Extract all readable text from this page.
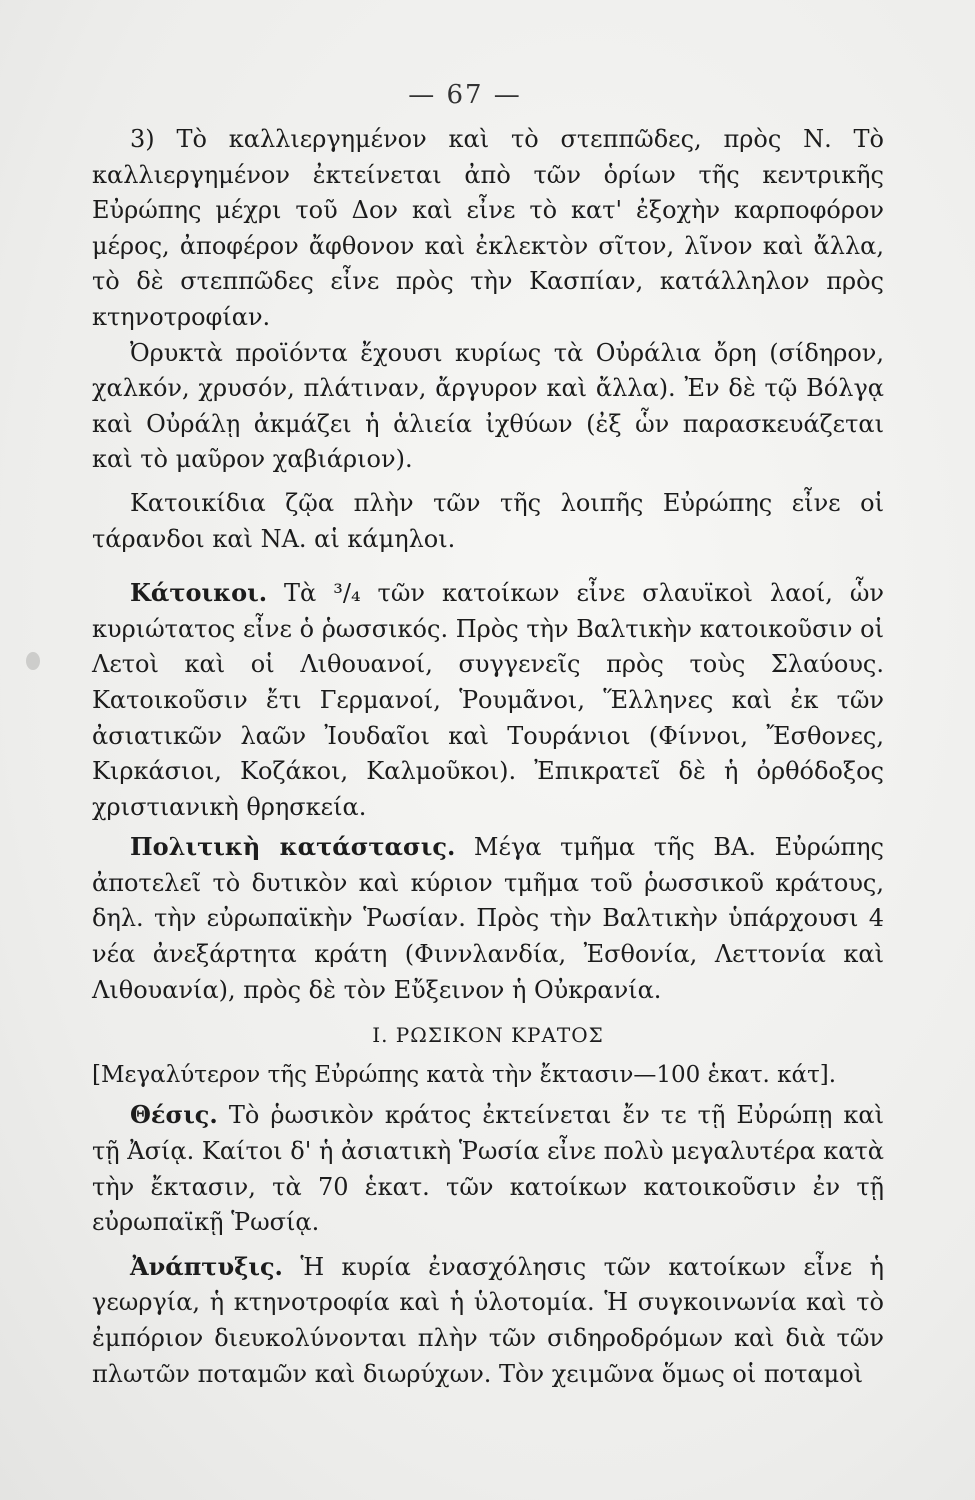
— 67 —

3) Τὸ καλλιεργημένον καὶ τὸ στεππῶδες, πρὸς Ν. Τὸ καλλιεργημένον ἐκτείνεται ἀπὸ τῶν ὁρίων τῆς κεντρικῆς Εὐρώπης μέχρι τοῦ Δον καὶ εἶνε τὸ κατ' ἐξοχὴν καρποφόρον μέρος, ἀποφέρον ἄφθονον καὶ ἐκλεκτὸν σῖτον, λῖνον καὶ ἄλλα, τὸ δὲ στεππῶδες εἶνε πρὸς τὴν Κασπίαν, κατάλληλον πρὸς κτηνοτροφίαν.

Ὀρυκτὰ προϊόντα ἔχουσι κυρίως τὰ Οὐράλια ὄρη (σίδηρον, χαλκόν, χρυσόν, πλάτιναν, ἄργυρον καὶ ἄλλα). Ἐν δὲ τῷ Βόλγᾳ καὶ Οὐράλῃ ἀκμάζει ἡ ἁλιεία ἰχθύων (ἐξ ὧν παρασκευάζεται καὶ τὸ μαῦρον χαβιάριον).

Κατοικίδια ζῷα πλὴν τῶν τῆς λοιπῆς Εὐρώπης εἶνε οἱ τάρανδοι καὶ ΝΑ. αἱ κάμηλοι.

Κάτοικοι. Τὰ ³/₄ τῶν κατοίκων εἶνε σλαυϊκοὶ λαοί, ὧν κυριώτατος εἶνε ὁ ῥωσσικός. Πρὸς τὴν Βαλτικὴν κατοικοῦσιν οἱ Λετοὶ καὶ οἱ Λιθουανοί, συγγενεῖς πρὸς τοὺς Σλαύους. Κατοικοῦσιν ἔτι Γερμανοί, Ῥουμᾶνοι, Ἕλληνες καὶ ἐκ τῶν ἀσιατικῶν λαῶν Ἰουδαῖοι καὶ Τουράνιοι (Φίννοι, Ἔσθονες, Κιρκάσιοι, Κοζάκοι, Καλμοῦκοι). Ἐπικρατεῖ δὲ ἡ ὀρθόδοξος χριστιανικὴ θρησκεία.

Πολιτικὴ κατάστασις. Μέγα τμῆμα τῆς ΒΑ. Εὐρώπης ἀποτελεῖ τὸ δυτικὸν καὶ κύριον τμῆμα τοῦ ῥωσσικοῦ κράτους, δηλ. τὴν εὐρωπαϊκὴν Ῥωσίαν. Πρὸς τὴν Βαλτικὴν ὑπάρχουσι 4 νέα ἀνεξάρτητα κράτη (Φιννλανδία, Ἐσθονία, Λεττονία καὶ Λιθουανία), πρὸς δὲ τὸν Εὔξεινον ἡ Οὐκρανία.

Ι. ΡΩΣΙΚΟΝ ΚΡΑΤΟΣ

[Μεγαλύτερον τῆς Εὐρώπης κατὰ τὴν ἔκτασιν—100 ἑκατ. κάτ].

Θέσις. Τὸ ῥωσικὸν κράτος ἐκτείνεται ἔν τε τῇ Εὐρώπῃ καὶ τῇ Ἀσίᾳ. Καίτοι δ' ἡ ἀσιατικὴ Ῥωσία εἶνε πολὺ μεγαλυτέρα κατὰ τὴν ἔκτασιν, τὰ 70 ἑκατ. τῶν κατοίκων κατοικοῦσιν ἐν τῇ εὐρωπαϊκῇ Ῥωσίᾳ.

Ἀνάπτυξις. Ἡ κυρία ἐνασχόλησις τῶν κατοίκων εἶνε ἡ γεωργία, ἡ κτηνοτροφία καὶ ἡ ὑλοτομία. Ἡ συγκοινωνία καὶ τὸ ἐμπόριον διευκολύνονται πλὴν τῶν σιδηροδρόμων καὶ διὰ τῶν πλωτῶν ποταμῶν καὶ διωρύχων. Τὸν χειμῶνα ὅμως οἱ ποταμοὶ
